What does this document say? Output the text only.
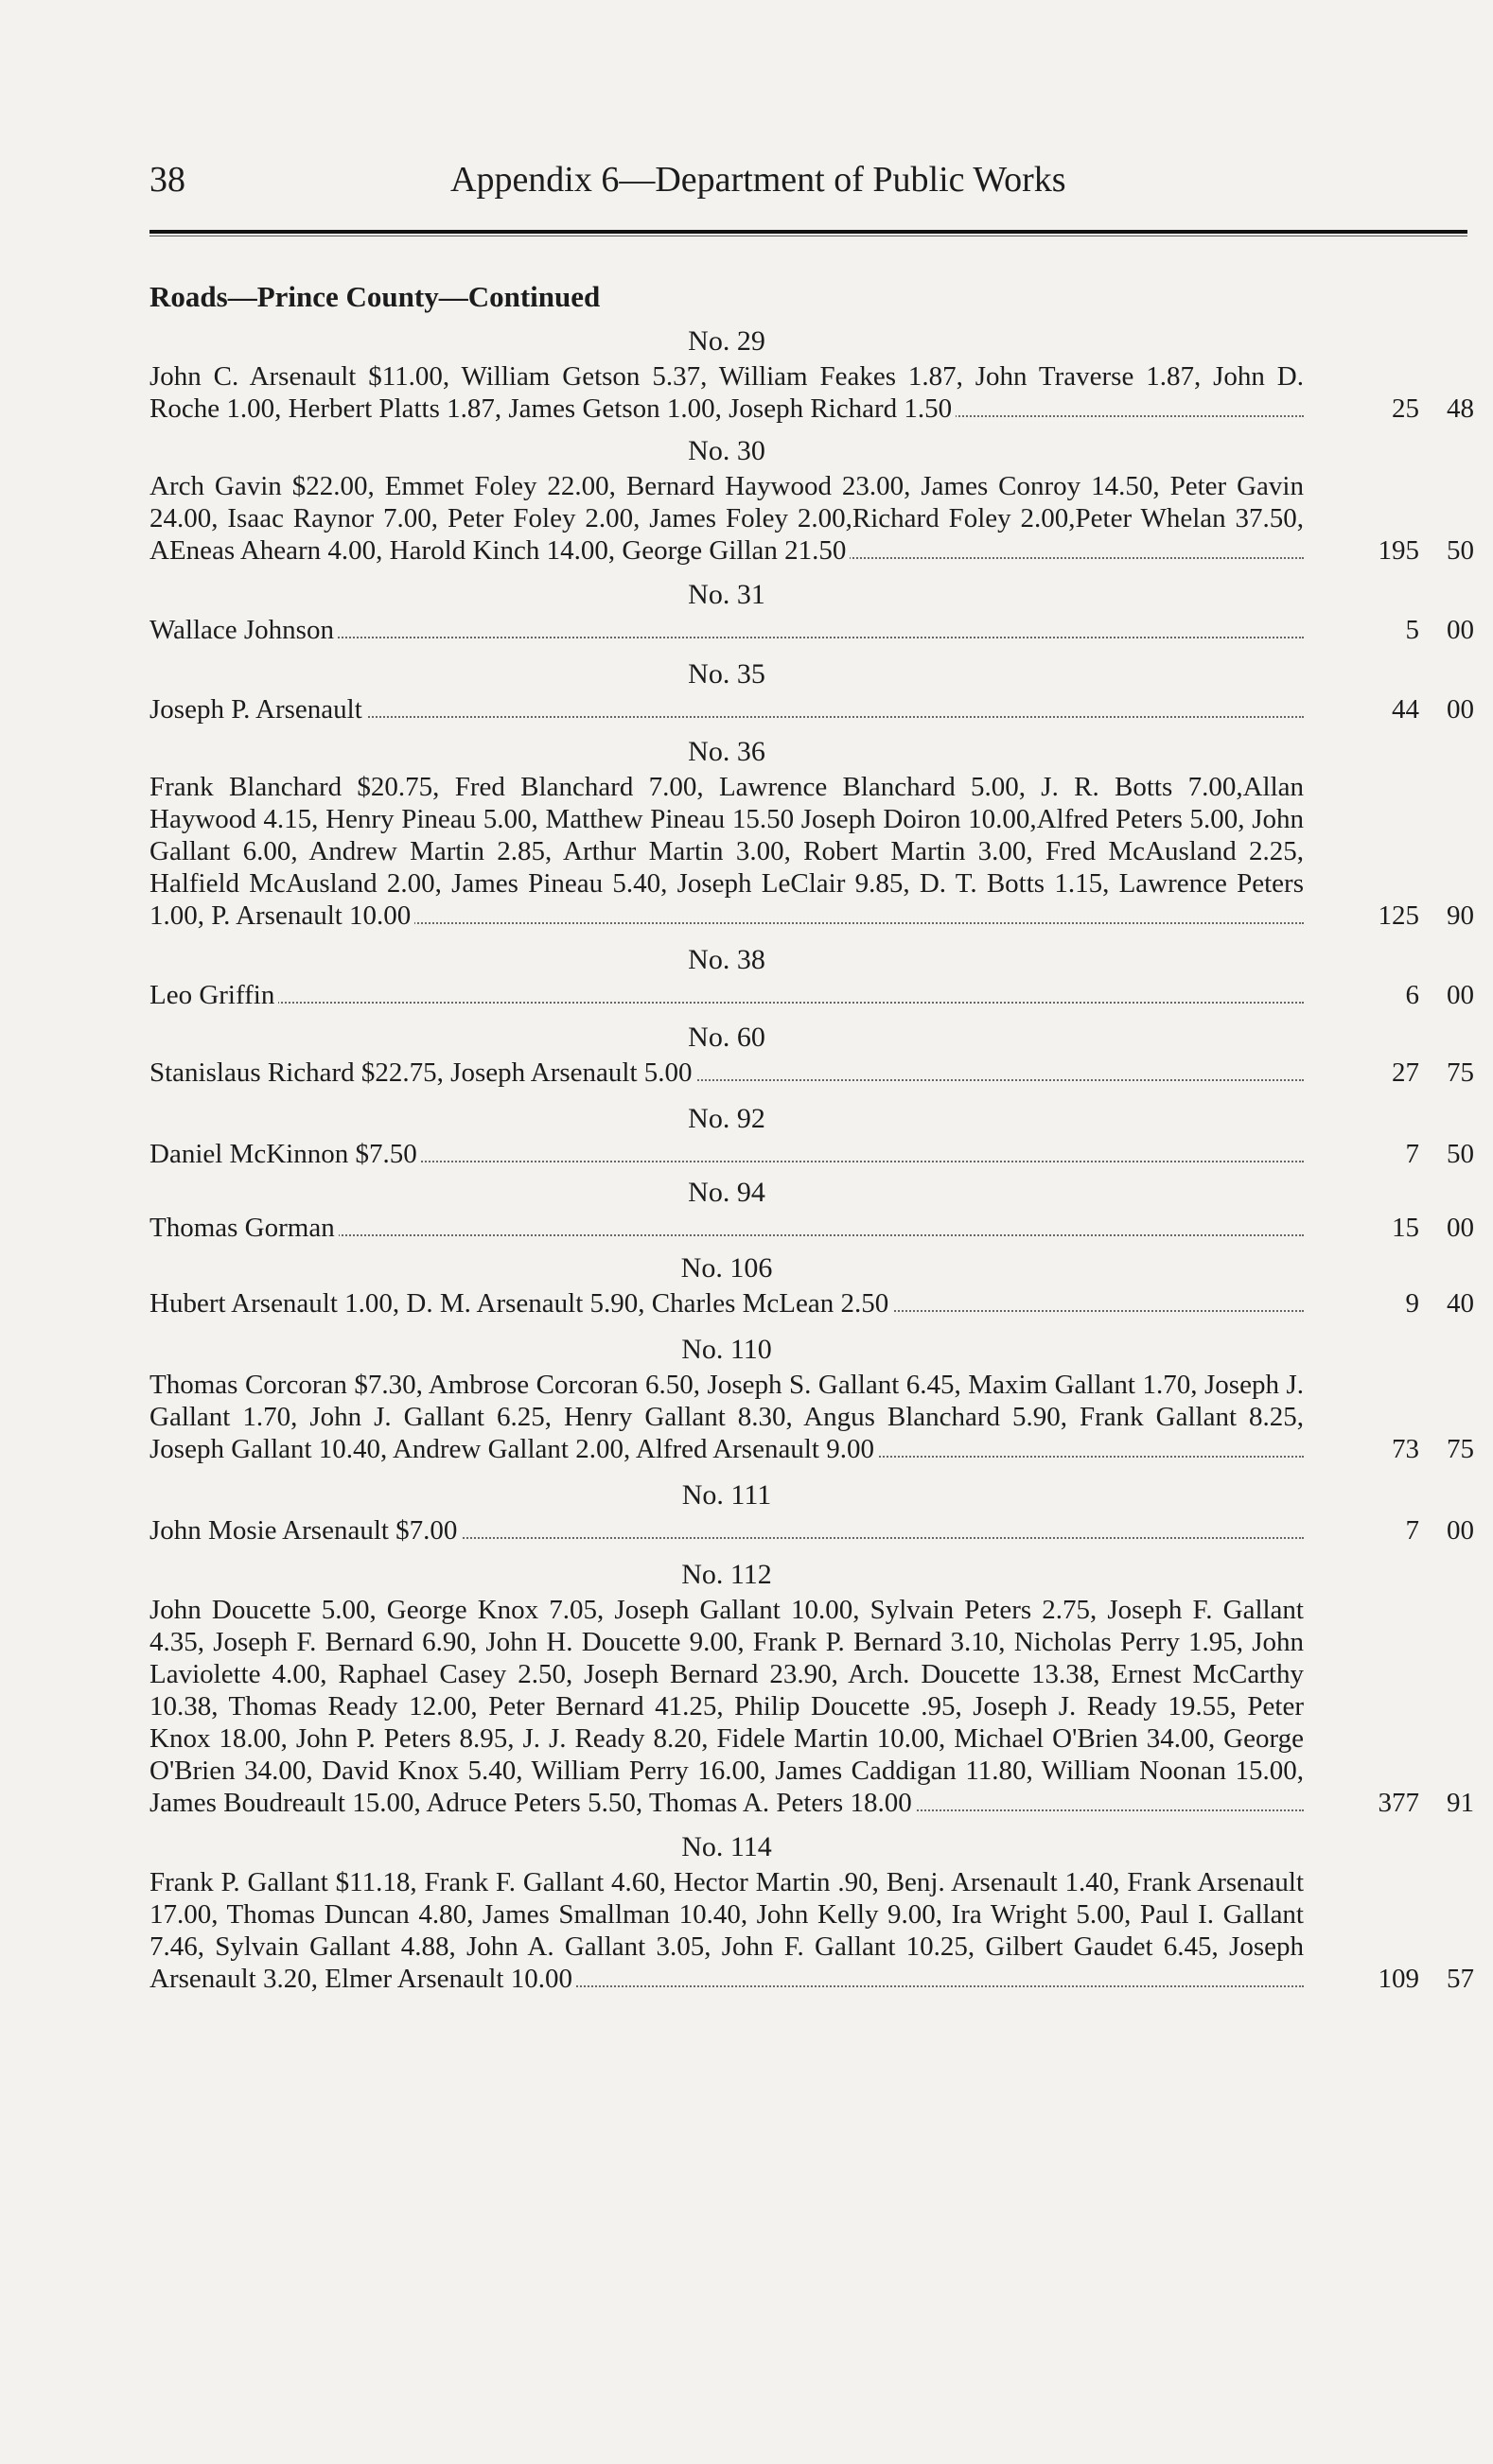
38	Appendix 6—Department of Public Works
Roads—Prince County—Continued
No. 29
John C. Arsenault $11.00, William Getson 5.37, William Feakes 1.87, John Traverse 1.87, John D. Roche 1.00, Herbert Platts 1.87, James Getson 1.00, Joseph Richard 1.50	25	48
No. 30
Arch Gavin $22.00, Emmet Foley 22.00, Bernard Haywood 23.00, James Conroy 14.50, Peter Gavin 24.00, Isaac Raynor 7.00, Peter Foley 2.00, James Foley 2.00,Richard Foley 2.00,Peter Whelan 37.50, AEneas Ahearn 4.00, Harold Kinch 14.00, George Gillan 21.50	195	50
No. 31
Wallace Johnson	5	00
No. 35
Joseph P. Arsenault	44	00
No. 36
Frank Blanchard $20.75, Fred Blanchard 7.00, Lawrence Blanchard 5.00, J. R. Botts 7.00,Allan Haywood 4.15, Henry Pineau 5.00, Matthew Pineau 15.50 Joseph Doiron 10.00,Alfred Peters 5.00, John Gallant 6.00, Andrew Martin 2.85, Arthur Martin 3.00, Robert Martin 3.00, Fred McAusland 2.25, Halfield McAusland 2.00, James Pineau 5.40, Joseph LeClair 9.85, D. T. Botts 1.15, Lawrence Peters 1.00, P. Arsenault 10.00	125	90
No. 38
Leo Griffin	6	00
No. 60
Stanislaus Richard $22.75, Joseph Arsenault 5.00	27	75
No. 92
Daniel McKinnon $7.50	7	50
No. 94
Thomas Gorman	15	00
No. 106
Hubert Arsenault 1.00, D. M. Arsenault 5.90, Charles McLean 2.50	9	40
No. 110
Thomas Corcoran $7.30, Ambrose Corcoran 6.50, Joseph S. Gallant 6.45, Maxim Gallant 1.70, Joseph J. Gallant 1.70, John J. Gallant 6.25, Henry Gallant 8.30, Angus Blanchard 5.90, Frank Gallant 8.25, Joseph Gallant 10.40, Andrew Gallant 2.00, Alfred Arsenault 9.00	73	75
No. 111
John Mosie Arsenault $7.00	7	00
No. 112
John Doucette 5.00, George Knox 7.05, Joseph Gallant 10.00, Sylvain Peters 2.75, Joseph F. Gallant 4.35, Joseph F. Bernard 6.90, John H. Doucette 9.00, Frank P. Bernard 3.10, Nicholas Perry 1.95, John Laviolette 4.00, Raphael Casey 2.50, Joseph Bernard 23.90, Arch. Doucette 13.38, Ernest McCarthy 10.38, Thomas Ready 12.00, Peter Bernard 41.25, Philip Doucette .95, Joseph J. Ready 19.55, Peter Knox 18.00, John P. Peters 8.95, J. J. Ready 8.20, Fidele Martin 10.00, Michael O'Brien 34.00, George O'Brien 34.00, David Knox 5.40, William Perry 16.00, James Caddigan 11.80, William Noonan 15.00, James Boudreault 15.00, Adruce Peters 5.50, Thomas A. Peters 18.00	377	91
No. 114
Frank P. Gallant $11.18, Frank F. Gallant 4.60, Hector Martin .90, Benj. Arsenault 1.40, Frank Arsenault 17.00, Thomas Duncan 4.80, James Smallman 10.40, John Kelly 9.00, Ira Wright 5.00, Paul I. Gallant 7.46, Sylvain Gallant 4.88, John A. Gallant 3.05, John F. Gallant 10.25, Gilbert Gaudet 6.45, Joseph Arsenault 3.20, Elmer Arsenault 10.00	109	57
